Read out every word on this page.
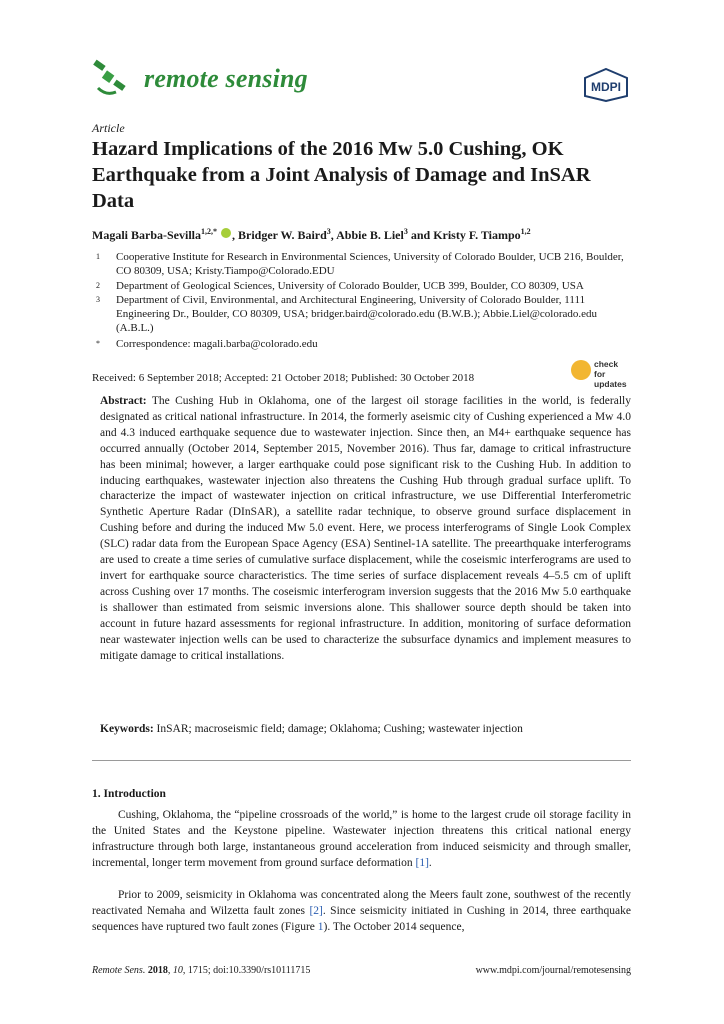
remote sensing	MDPI
Article
Hazard Implications of the 2016 Mw 5.0 Cushing, OK Earthquake from a Joint Analysis of Damage and InSAR Data
Magali Barba-Sevilla$^{1,2,*}$ , Bridger W. Baird$^3$, Abbie B. Liel$^3$ and Kristy F. Tiampo$^{1,2}$
1 Cooperative Institute for Research in Environmental Sciences, University of Colorado Boulder, UCB 216, Boulder, CO 80309, USA; Kristy.Tiampo@Colorado.EDU
2 Department of Geological Sciences, University of Colorado Boulder, UCB 399, Boulder, CO 80309, USA
3 Department of Civil, Environmental, and Architectural Engineering, University of Colorado Boulder, 1111 Engineering Dr., Boulder, CO 80309, USA; bridger.baird@colorado.edu (B.W.B.); Abbie.Liel@colorado.edu (A.B.L.)
* Correspondence: magali.barba@colorado.edu
check for
updates
Received: 6 September 2018; Accepted: 21 October 2018; Published: 30 October 2018
Abstract: The Cushing Hub in Oklahoma, one of the largest oil storage facilities in the world, is federally designated as critical national infrastructure. In 2014, the formerly aseismic city of Cushing experienced a Mw 4.0 and 4.3 induced earthquake sequence due to wastewater injection. Since then, an M4+ earthquake sequence has occurred annually (October 2014, September 2015, November 2016). Thus far, damage to critical infrastructure has been minimal; however, a larger earthquake could pose significant risk to the Cushing Hub. In addition to inducing earthquakes, wastewater injection also threatens the Cushing Hub through gradual surface uplift. To characterize the impact of wastewater injection on critical infrastructure, we use Differential Interferometric Synthetic Aperture Radar (DInSAR), a satellite radar technique, to observe ground surface displacement in Cushing before and during the induced Mw 5.0 event. Here, we process interferograms of Single Look Complex (SLC) radar data from the European Space Agency (ESA) Sentinel-1A satellite. The preearthquake interferograms are used to create a time series of cumulative surface displacement, while the coseismic interferograms are used to invert for earthquake source characteristics. The time series of surface displacement reveals 4–5.5 cm of uplift across Cushing over 17 months. The coseismic interferogram inversion suggests that the 2016 Mw 5.0 earthquake is shallower than estimated from seismic inversions alone. This shallower source depth should be taken into account in future hazard assessments for regional infrastructure. In addition, monitoring of surface deformation near wastewater injection wells can be used to characterize the subsurface dynamics and implement measures to mitigate damage to critical installations.
Keywords: InSAR; macroseismic field; damage; Oklahoma; Cushing; wastewater injection
1. Introduction
Cushing, Oklahoma, the “pipeline crossroads of the world,” is home to the largest crude oil storage facility in the United States and the Keystone pipeline. Wastewater injection threatens this critical national energy infrastructure through both large, instantaneous ground acceleration from induced seismicity and through smaller, incremental, longer term movement from ground surface deformation [1].
Prior to 2009, seismicity in Oklahoma was concentrated along the Meers fault zone, southwest of the recently reactivated Nemaha and Wilzetta fault zones [2]. Since seismicity initiated in Cushing in 2014, three earthquake sequences have ruptured two fault zones (Figure 1). The October 2014 sequence,
Remote Sens. 2018, 10, 1715; doi:10.3390/rs10111715	www.mdpi.com/journal/remotesensing
